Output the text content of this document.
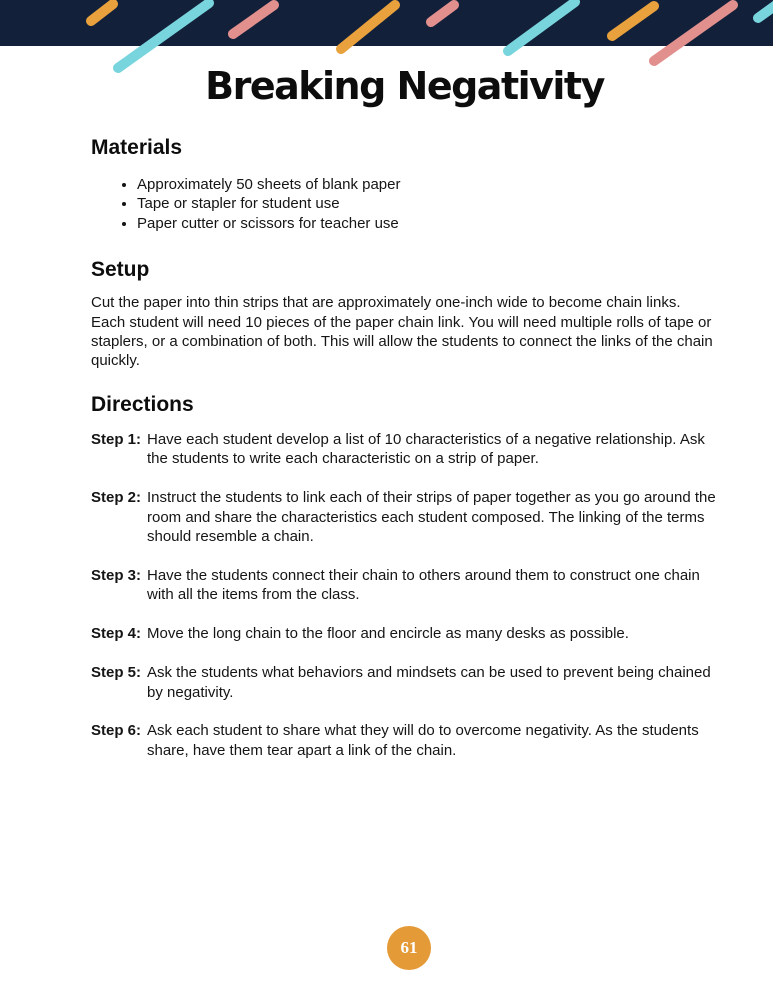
Breaking Negativity
Materials
• Approximately 50 sheets of blank paper
• Tape or stapler for student use
• Paper cutter or scissors for teacher use
Setup

Cut the paper into thin strips that are approximately one-inch wide to become chain links. Each student will need 10 pieces of the paper chain link. You will need multiple rolls of tape or staplers, or a combination of both. This will allow the students to connect the links of the chain quickly.

Directions
Step 1: Have each student develop a list of 10 characteristics of a negative relationship. Ask the students to write each characteristic on a strip of paper.
Step 2: Instruct the students to link each of their strips of paper together as you go around the room and share the characteristics each student composed. The linking of the terms should resemble a chain.
Step 3: Have the students connect their chain to others around them to construct one chain with all the items from the class.
Step 4: Move the long chain to the floor and encircle as many desks as possible.
Step 5: Ask the students what behaviors and mindsets can be used to prevent being chained by negativity.
Step 6: Ask each student to share what they will do to overcome negativity. As the students share, have them tear apart a link of the chain.
61
